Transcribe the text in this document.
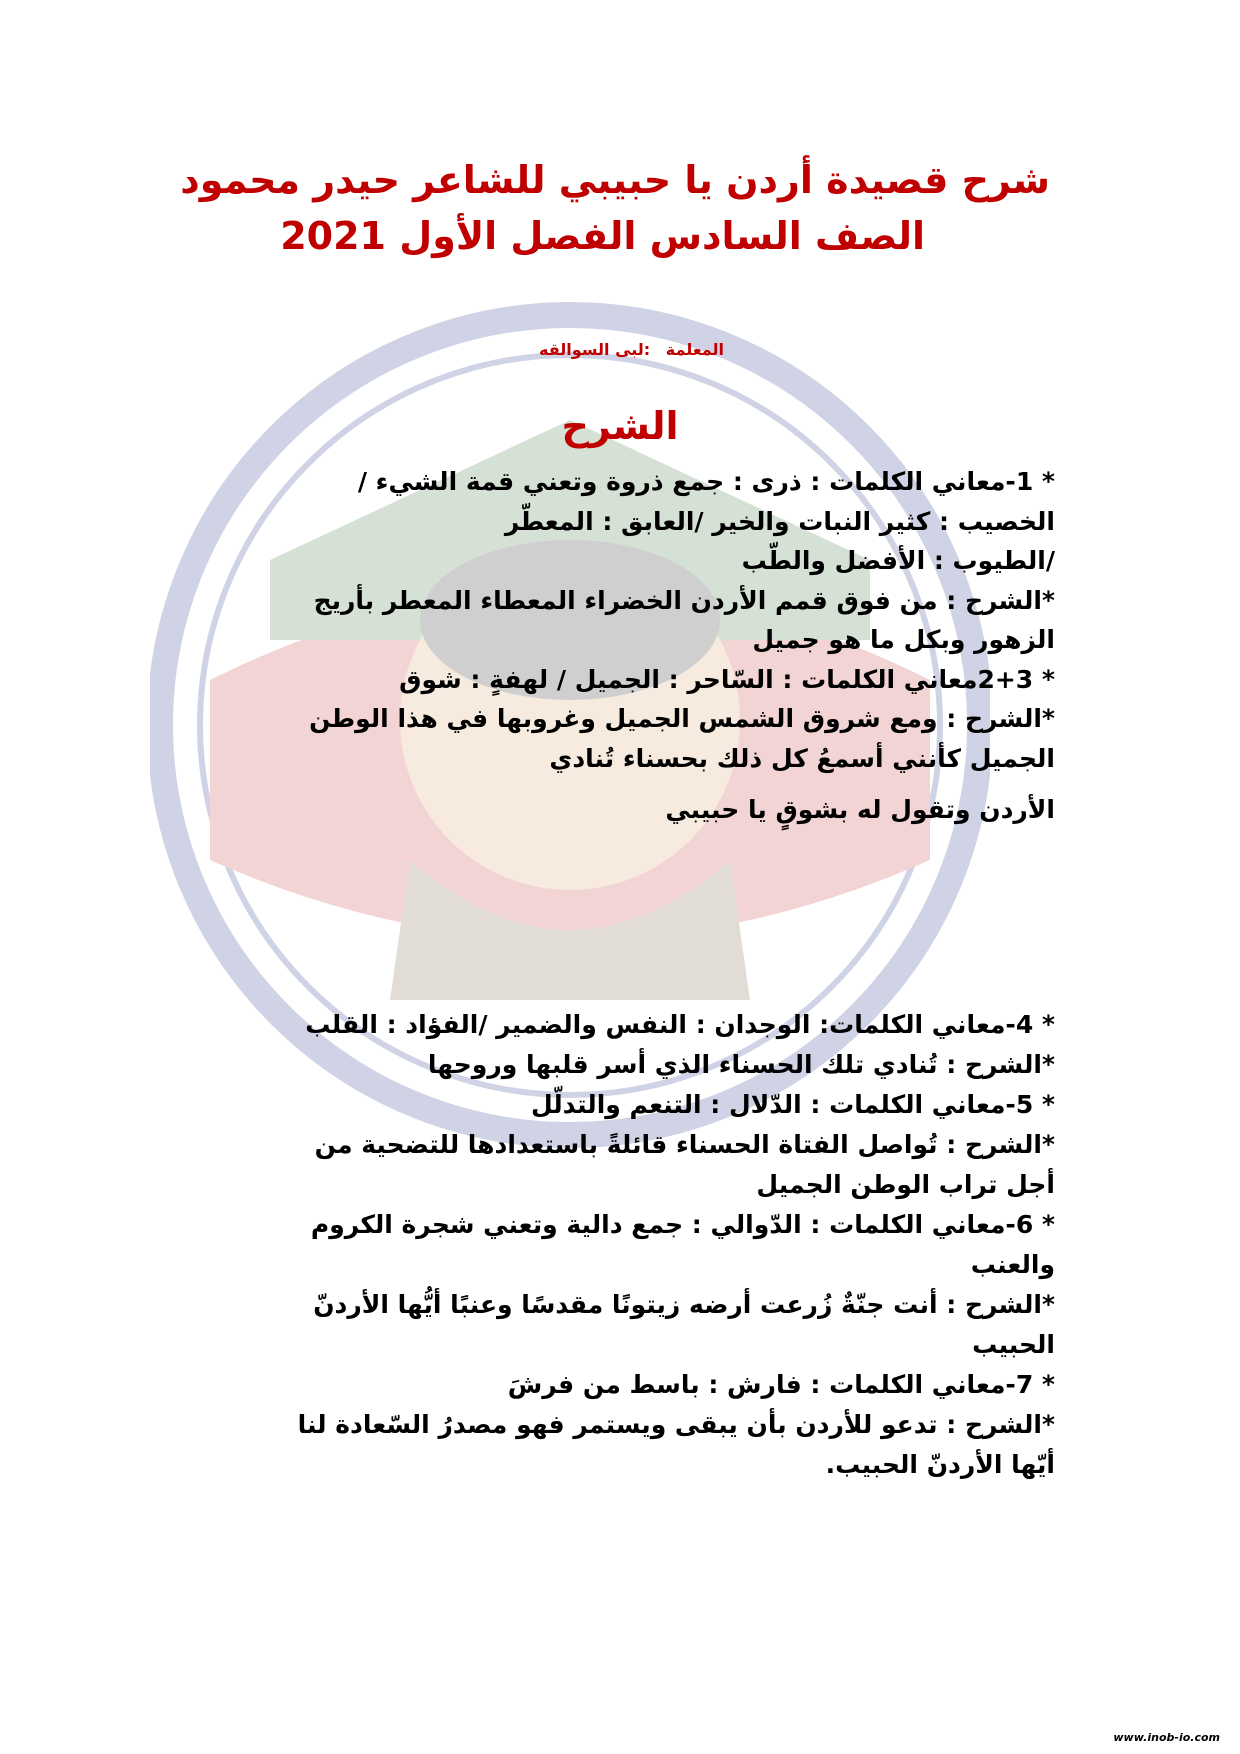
شرح قصيدة أردن يا حبيبي للشاعر حيدر محمود
الصف السادس الفصل الأول 2021
المعلمة :لبى السوالقه
الشرح
* 1-معاني الكلمات : ذرى : جمع ذروة وتعني قمة الشيء /
الخصيب : كثير النبات والخير /العابق : المعطّر
/الطيوب : الأفضل والطّب
*الشرح : من فوق قمم الأردن الخضراء المعطاء المعطر بأريج
الزهور وبكل ما هو جميل
* 2+3معاني الكلمات : السّاحر : الجميل / لهفةٍ : شوق
*الشرح : ومع شروق الشمس الجميل وغروبها في هذا الوطن
الجميل كأنني أسمعُ كل ذلك بحسناء تُنادي
الأردن وتقول له بشوقٍ يا حبيبي
* 4-معاني الكلمات: الوجدان : النفس والضمير /الفؤاد : القلب
*الشرح : تُنادي تلك الحسناء الذي أسر قلبها وروحها
* 5-معاني الكلمات : الدّلال : التنعم والتدلّل
*الشرح : تُواصل الفتاة الحسناء قائلةً باستعدادها للتضحية من
أجل تراب الوطن الجميل
* 6-معاني الكلمات : الدّوالي : جمع دالية وتعني شجرة الكروم
والعنب
*الشرح : أنت جنّةٌ زُرعت أرضه زيتونًا مقدسًا وعنبًا أيُّها الأردنّ
الحبيب
* 7-معاني الكلمات : فارش : باسط من فرشَ
*الشرح : تدعو للأردن بأن يبقى ويستمر فهو مصدرُ السّعادة لنا
أيّها الأردنّ الحبيب.
www.inob-io.com
